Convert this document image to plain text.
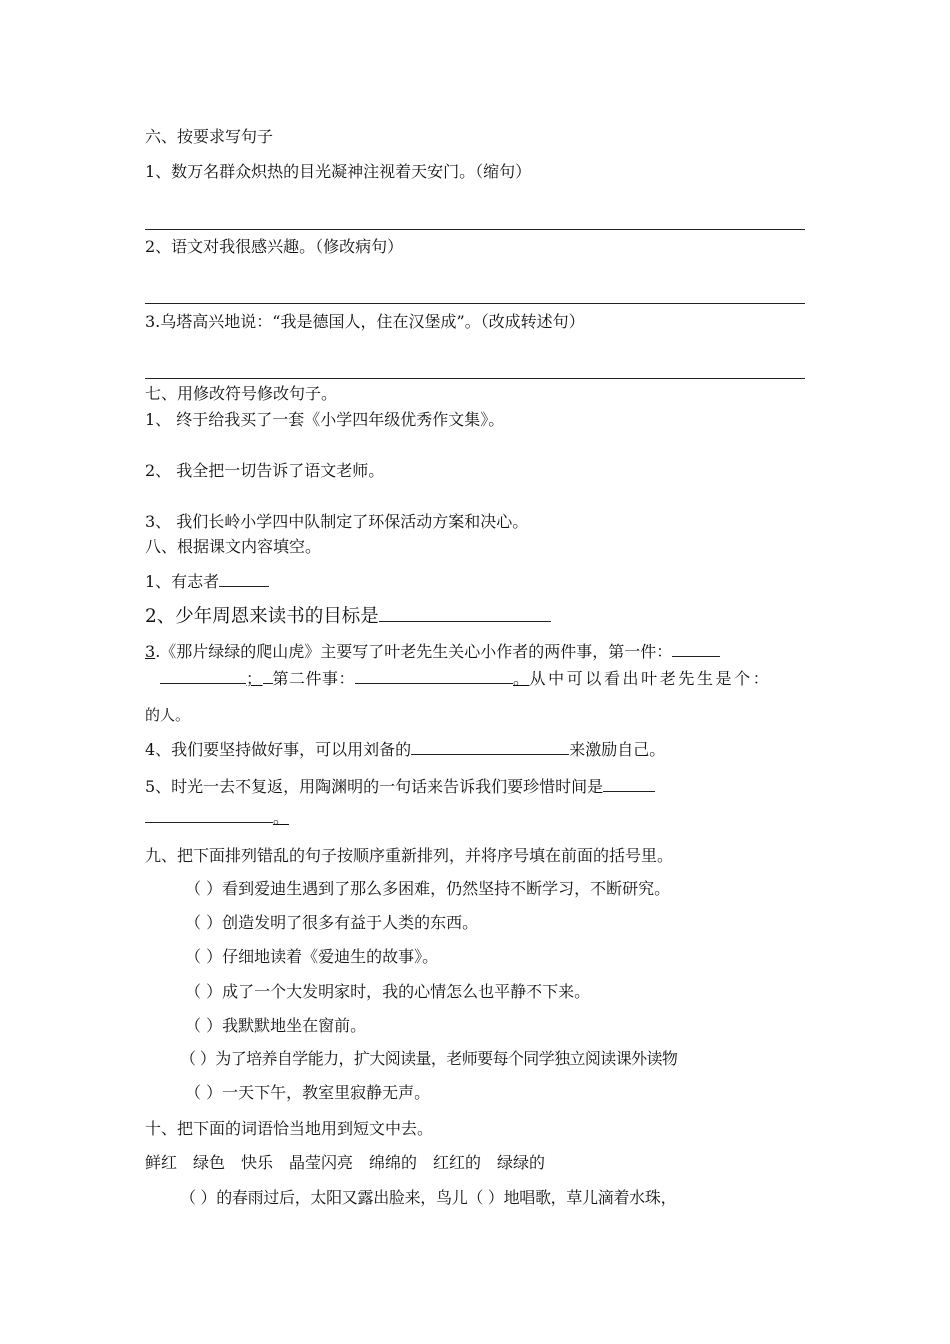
六、按要求写句子
1、数万名群众炽热的目光凝神注视着天安门。（缩句）
2、语文对我很感兴趣。（修改病句）
3.乌塔高兴地说：“我是德国人，住在汉堡成”。（改成转述句）
七、用修改符号修改句子。
1、 终于给我买了一套《小学四年级优秀作文集》。
2、 我全把一切告诉了语文老师。
3、 我们长岭小学四中队制定了环保活动方案和决心。
八、根据课文内容填空。
1、有志者
2、少年周恩来读书的目标是
3.《那片绿绿的爬山虎》主要写了叶老先生关心小作者的两件事，第一件：
； 第二件事：	。从中可以看出叶老先生是个：
的人。
4、我们要坚持做好事，可以用刘备的	来激励自己。
5、时光一去不复返，用陶渊明的一句话来告诉我们要珍惜时间是
。
九、把下面排列错乱的句子按顺序重新排列，并将序号填在前面的括号里。
（ ）看到爱迪生遇到了那么多困难，仍然坚持不断学习，不断研究。
（ ）创造发明了很多有益于人类的东西。
（ ）仔细地读着《爱迪生的故事》。
（ ）成了一个大发明家时，我的心情怎么也平静不下来。
（ ）我默默地坐在窗前。
（ ）为了培养自学能力，扩大阅读量，老师要每个同学独立阅读课外读物
（ ）一天下午，教室里寂静无声。
十、把下面的词语恰当地用到短文中去。
鲜红　绿色　快乐　晶莹闪亮　绵绵的　红红的　绿绿的
（ ）的春雨过后，太阳又露出脸来，鸟儿（ ）地唱歌，草儿滴着水珠，
